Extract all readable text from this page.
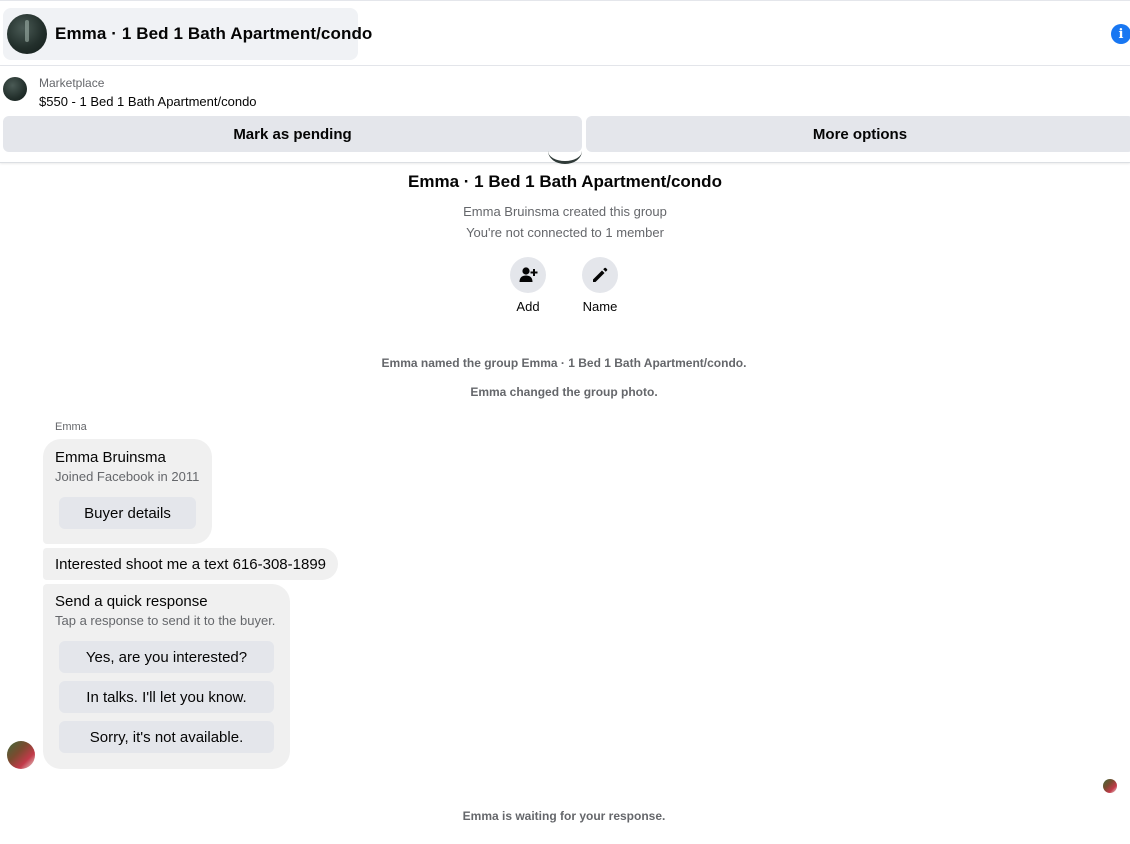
Emma · 1 Bed 1 Bath Apartment/condo	i
Marketplace
$550 - 1 Bed 1 Bath Apartment/condo
Mark as pending	More options
Emma · 1 Bed 1 Bath Apartment/condo
Emma Bruinsma created this group
You're not connected to 1 member
Add	Name
Emma named the group Emma · 1 Bed 1 Bath Apartment/condo.
Emma changed the group photo.
Emma
Emma Bruinsma
Joined Facebook in 2011
Buyer details
Interested shoot me a text 616-308-1899
Send a quick response
Tap a response to send it to the buyer.
Yes, are you interested?
In talks. I'll let you know.
Sorry, it's not available.
Emma is waiting for your response.
